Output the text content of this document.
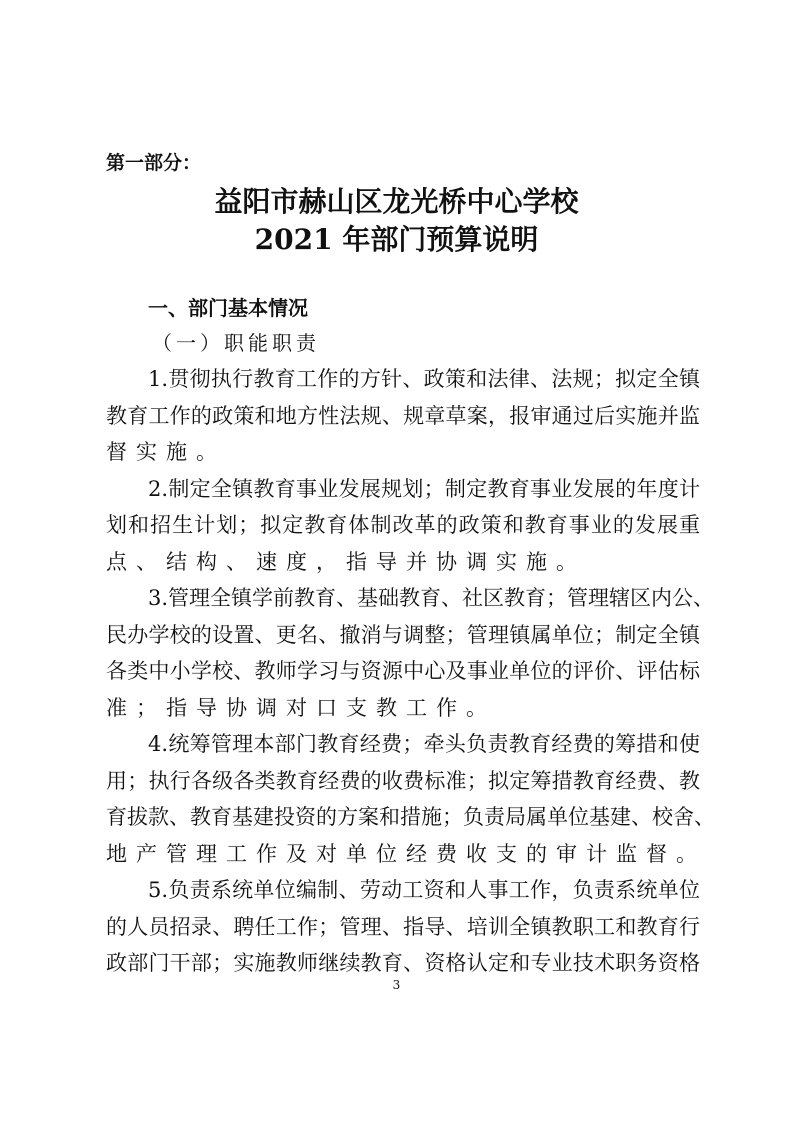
第一部分：
益阳市赫山区龙光桥中心学校
2021 年部门预算说明
一、部门基本情况
（一）职能职责
1.贯彻执行教育工作的方针、政策和法律、法规；拟定全镇
教育工作的政策和地方性法规、规章草案，报审通过后实施并监
督实施。
2.制定全镇教育事业发展规划；制定教育事业发展的年度计
划和招生计划；拟定教育体制改革的政策和教育事业的发展重
点、结构、速度，指导并协调实施。
3.管理全镇学前教育、基础教育、社区教育；管理辖区内公、
民办学校的设置、更名、撤消与调整；管理镇属单位；制定全镇
各类中小学校、教师学习与资源中心及事业单位的评价、评估标
准；指导协调对口支教工作。
4.统筹管理本部门教育经费；牵头负责教育经费的筹措和使
用；执行各级各类教育经费的收费标准；拟定筹措教育经费、教
育拔款、教育基建投资的方案和措施；负责局属单位基建、校舍、
地产管理工作及对单位经费收支的审计监督。
5.负责系统单位编制、劳动工资和人事工作，负责系统单位
的人员招录、聘任工作；管理、指导、培训全镇教职工和教育行
政部门干部；实施教师继续教育、资格认定和专业技术职务资格
3
